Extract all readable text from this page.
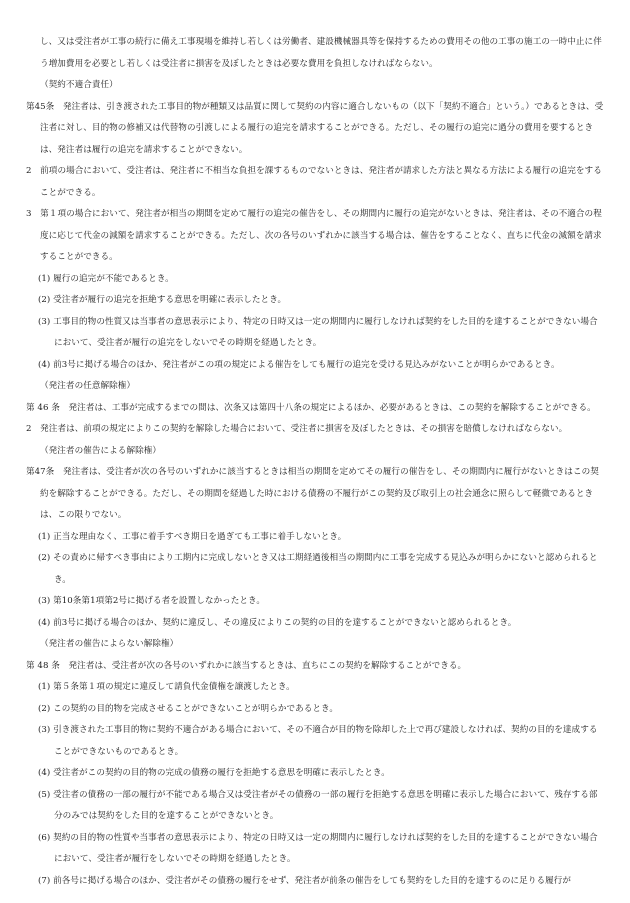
し、又は受注者が工事の続行に備え工事現場を維持し若しくは労働者、建設機械器具等を保持するための費用その他の工事の施工の一時中止に伴う増加費用を必要とし若しくは受注者に損害を及ぼしたときは必要な費用を負担しなければならない。

（契約不適合責任）

第45条　発注者は、引き渡された工事目的物が種類又は品質に関して契約の内容に適合しないもの（以下「契約不適合」という。）であるときは、受注者に対し、目的物の修補又は代替物の引渡しによる履行の追完を請求することができる。ただし、その履行の追完に過分の費用を要するときは、発注者は履行の追完を請求することができない。

2　前項の場合において、受注者は、発注者に不相当な負担を課するものでないときは、発注者が請求した方法と異なる方法による履行の追完をすることができる。

3　第１項の場合において、発注者が相当の期間を定めて履行の追完の催告をし、その期間内に履行の追完がないときは、発注者は、その不適合の程度に応じて代金の減額を請求することができる。ただし、次の各号のいずれかに該当する場合は、催告をすることなく、直ちに代金の減額を請求することができる。

(1) 履行の追完が不能であるとき。

(2) 受注者が履行の追完を拒絶する意思を明確に表示したとき。

(3) 工事目的物の性質又は当事者の意思表示により、特定の日時又は一定の期間内に履行しなければ契約をした目的を達することができない場合において、受注者が履行の追完をしないでその時期を経過したとき。

(4) 前3号に掲げる場合のほか、発注者がこの項の規定による催告をしても履行の追完を受ける見込みがないことが明らかであるとき。

（発注者の任意解除権）

第 46 条　発注者は、工事が完成するまでの間は、次条又は第四十八条の規定によるほか、必要があるときは、この契約を解除することができる。

2　発注者は、前項の規定によりこの契約を解除した場合において、受注者に損害を及ぼしたときは、その損害を賠償しなければならない。

（発注者の催告による解除権）

第47条　発注者は、受注者が次の各号のいずれかに該当するときは相当の期間を定めてその履行の催告をし、その期間内に履行がないときはこの契約を解除することができる。ただし、その期間を経過した時における債務の不履行がこの契約及び取引上の社会通念に照らして軽微であるときは、この限りでない。

(1) 正当な理由なく、工事に着手すべき期日を過ぎても工事に着手しないとき。

(2) その責めに帰すべき事由により工期内に完成しないとき又は工期経過後相当の期間内に工事を完成する見込みが明らかにないと認められるとき。

(3) 第10条第1項第2号に掲げる者を設置しなかったとき。

(4) 前3号に掲げる場合のほか、契約に違反し、その違反によりこの契約の目的を達することができないと認められるとき。

（発注者の催告によらない解除権）

第 48 条　発注者は、受注者が次の各号のいずれかに該当するときは、直ちにこの契約を解除することができる。

(1) 第５条第１項の規定に違反して請負代金債権を譲渡したとき。

(2) この契約の目的物を完成させることができないことが明らかであるとき。

(3) 引き渡された工事目的物に契約不適合がある場合において、その不適合が目的物を除却した上で再び建設しなければ、契約の目的を達成することができないものであるとき。

(4) 受注者がこの契約の目的物の完成の債務の履行を拒絶する意思を明確に表示したとき。

(5) 受注者の債務の一部の履行が不能である場合又は受注者がその債務の一部の履行を拒絶する意思を明確に表示した場合において、残存する部分のみでは契約をした目的を達することができないとき。

(6) 契約の目的物の性質や当事者の意思表示により、特定の日時又は一定の期間内に履行しなければ契約をした目的を達することができない場合において、受注者が履行をしないでその時期を経過したとき。

(7) 前各号に掲げる場合のほか、受注者がその債務の履行をせず、発注者が前条の催告をしても契約をした目的を達するのに足りる履行が
